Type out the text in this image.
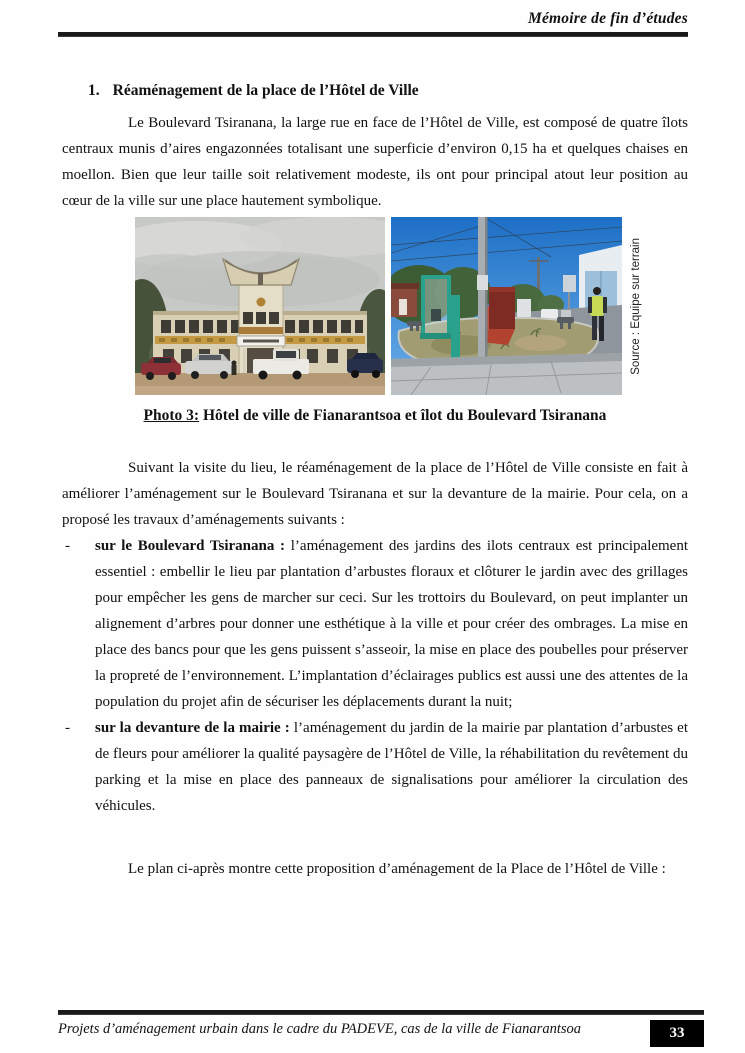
Mémoire de fin d’études
1. Réaménagement de la place de l’Hôtel de Ville

Le Boulevard Tsiranana, la large rue en face de l’Hôtel de Ville, est composé de quatre îlots centraux munis d’aires engazonnées totalisant une superficie d’environ 0,15 ha et quelques chaises en moellon. Bien que leur taille soit relativement modeste, ils ont pour principal atout leur position au cœur de la ville sur une place hautement symbolique.

Source : Equipe sur terrain
Photo 3: Hôtel de ville de Fianarantsoa et îlot du Boulevard Tsiranana

Suivant la visite du lieu, le réaménagement de la place de l’Hôtel de Ville consiste en fait à améliorer l’aménagement sur le Boulevard Tsiranana et sur la devanture de la mairie. Pour cela, on a proposé les travaux d’aménagements suivants :

- sur le Boulevard Tsiranana : l’aménagement des jardins des ilots centraux est principalement essentiel : embellir le lieu par plantation d’arbustes floraux et clôturer le jardin avec des grillages pour empêcher les gens de marcher sur ceci. Sur les trottoirs du Boulevard, on peut implanter un alignement d’arbres pour donner une esthétique à la ville et pour créer des ombrages. La mise en place des bancs pour que les gens puissent s’asseoir, la mise en place des poubelles pour préserver la propreté de l’environnement. L’implantation d’éclairages publics est aussi une des attentes de la population du projet afin de sécuriser les déplacements durant la nuit;
- sur la devanture de la mairie : l’aménagement du jardin de la mairie par plantation d’arbustes et de fleurs pour améliorer la qualité paysagère de l’Hôtel de Ville, la réhabilitation du revêtement du parking et la mise en place des panneaux de signalisations pour améliorer la circulation des véhicules.

Le plan ci-après montre cette proposition d’aménagement de la Place de l’Hôtel de Ville :

Projets d’aménagement urbain dans le cadre du PADEVE, cas de la ville de Fianarantsoa	33
